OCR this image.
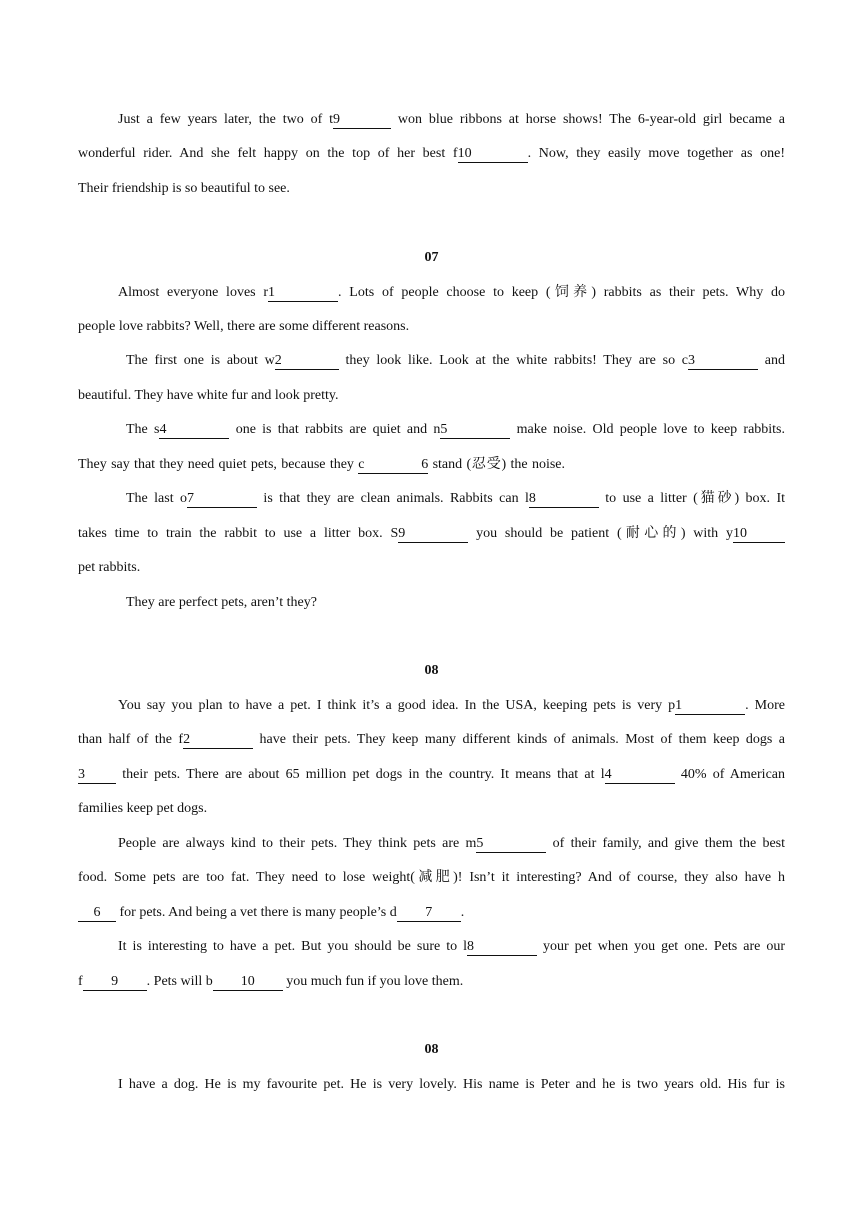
Just a few years later, the two of t9	won blue ribbons at horse shows! The 6-year-old girl became a
wonderful rider. And she felt happy on the top of her best f10	. Now, they easily move together as one!
Their friendship is so beautiful to see.
07
Almost everyone loves r1	. Lots of people choose to keep (饲养) rabbits as their pets. Why do
people love rabbits? Well, there are some different reasons.
The first one is about w2	they look like. Look at the white rabbits! They are so c3	and
beautiful. They have white fur and look pretty.
The s4	one is that rabbits are quiet and n5	make noise. Old people love to keep rabbits.
They say that they need quiet pets, because they c     6 stand (忍受) the noise.
The last o7	is that they are clean animals. Rabbits can l8	to use a litter (猫砂) box. It
takes time to train the rabbit to use a litter box. S9	you should be patient (耐心的) with y10
pet rabbits.
They are perfect pets, aren’t they?
08
You say you plan to have a pet. I think it’s a good idea. In the USA, keeping pets is very p1	. More
than half of the f2	have their pets. They keep many different kinds of animals. Most of them keep dogs a
3 their pets. There are about 65 million pet dogs in the country. It means that at l4	40% of American
families keep pet dogs.
People are always kind to their pets. They think pets are m5	of their family, and give them the best
food. Some pets are too fat. They need to lose weight(减肥)! Isn’t it interesting? And of course, they also have h
6 for pets. And being a vet there is many people’s d 7 .
It is interesting to have a pet. But you should be sure to l8	your pet when you get one. Pets are our
f 9 . Pets will b 10 you much fun if you love them.
08
I have a dog. He is my favourite pet. He is very lovely. His name is Peter and he is two years old. His fur is
